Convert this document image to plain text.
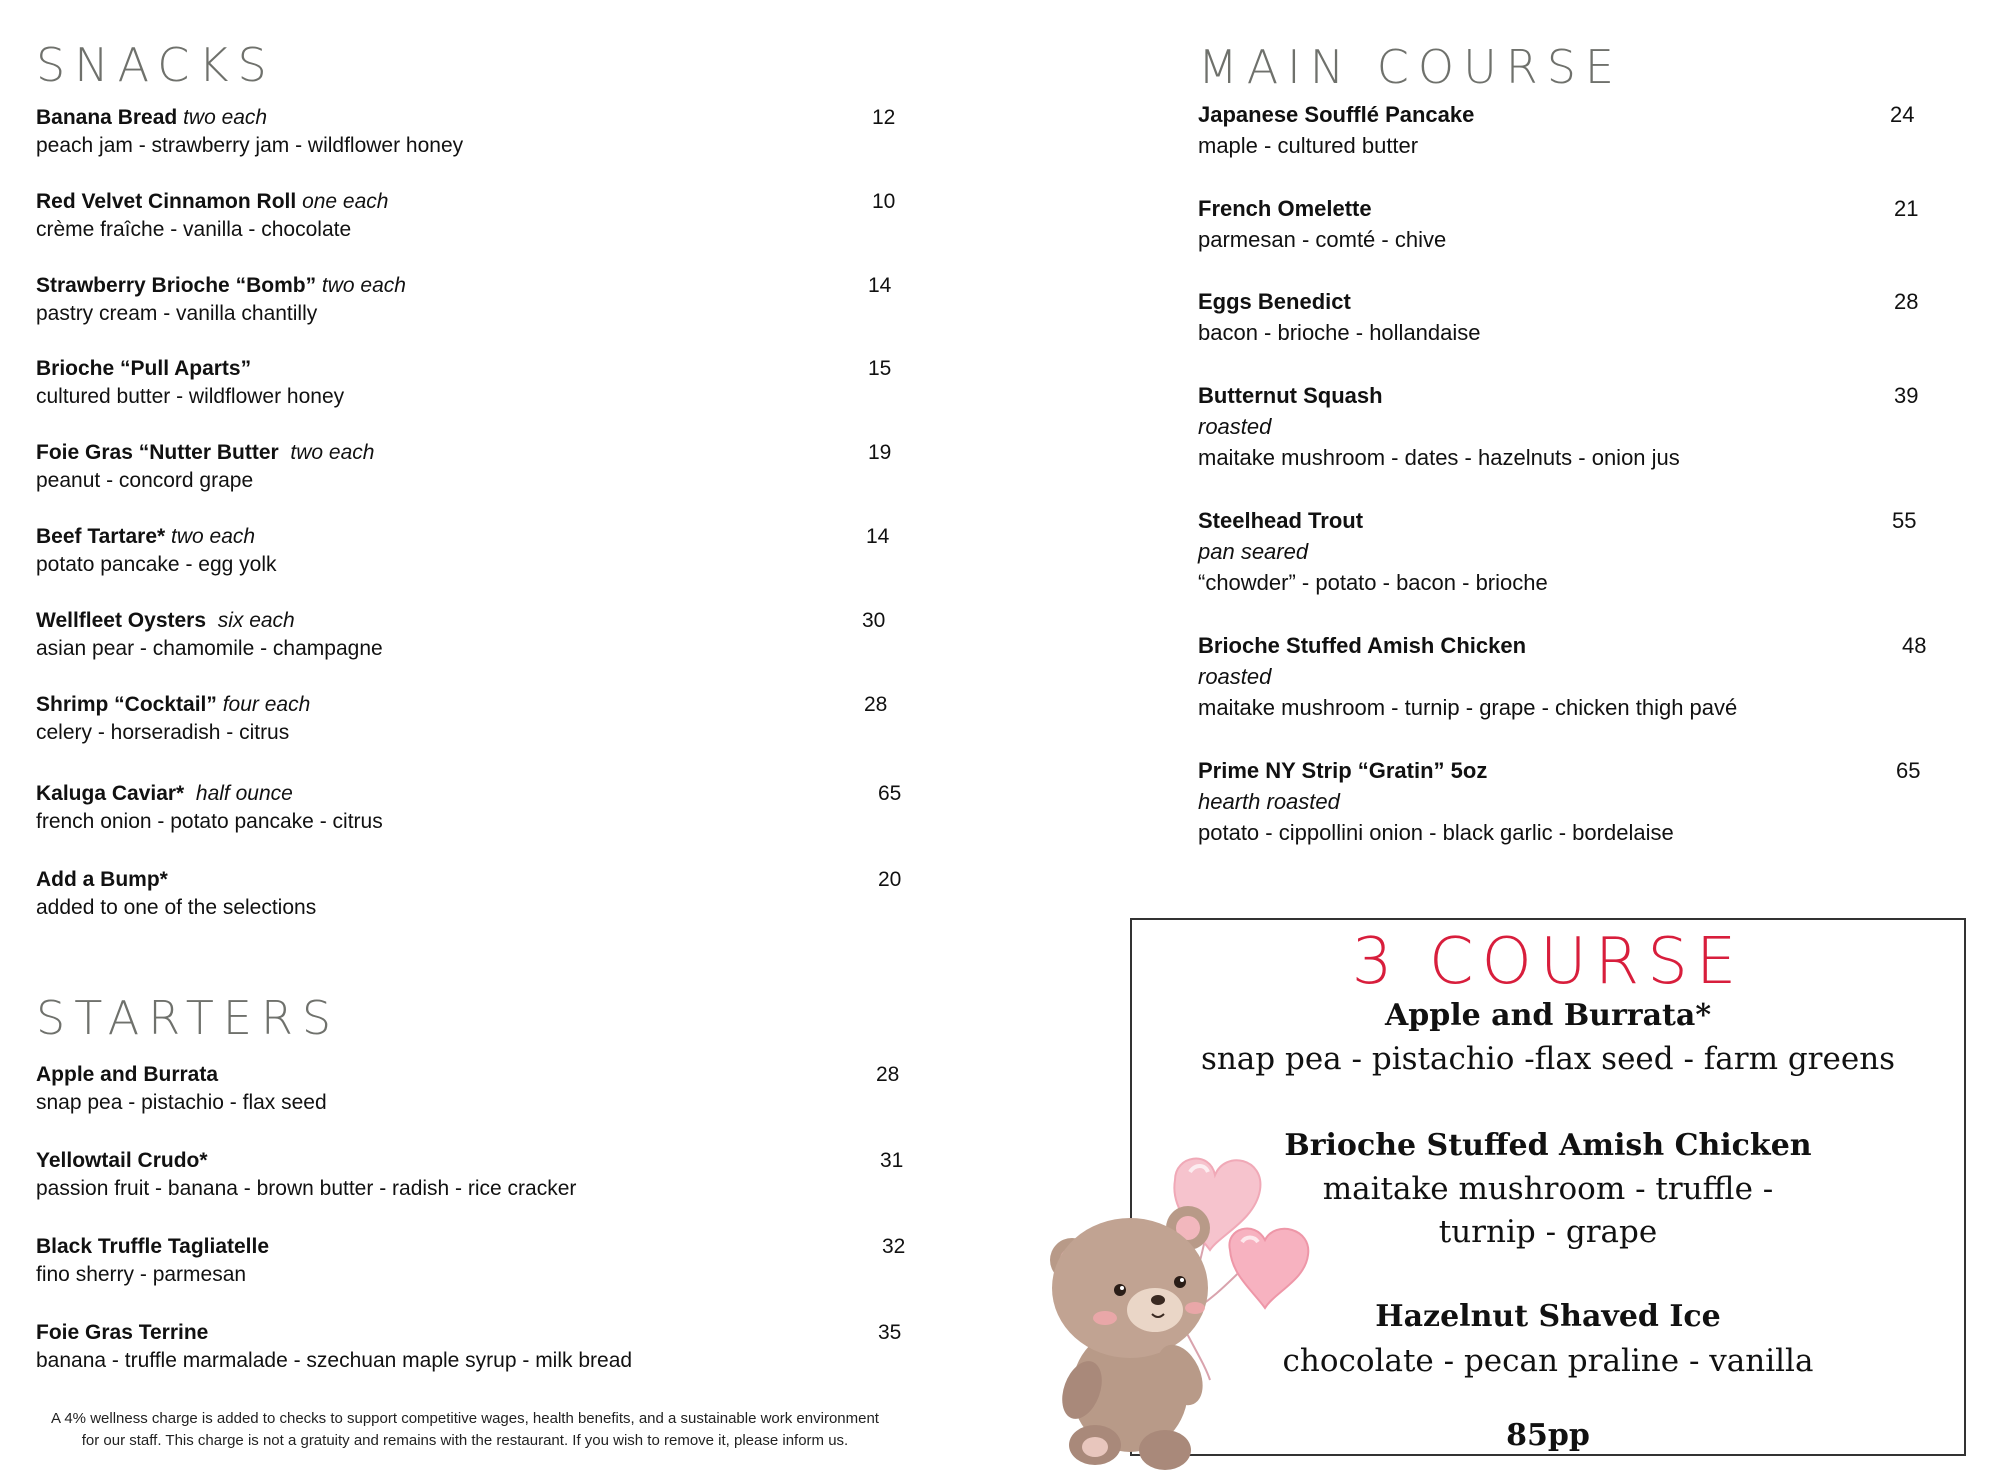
SNACKS
Banana Bread two each
peach jam - strawberry jam - wildflower honey
12
Red Velvet Cinnamon Roll one each
crème fraîche - vanilla - chocolate
10
Strawberry Brioche “Bomb” two each
pastry cream - vanilla chantilly
14
Brioche “Pull Aparts”
cultured butter - wildflower honey
15
Foie Gras “Nutter Butter two each
peanut - concord grape
19
Beef Tartare* two each
potato pancake - egg yolk
14
Wellfleet Oysters six each
asian pear - chamomile - champagne
30
Shrimp “Cocktail” four each
celery - horseradish - citrus
28
Kaluga Caviar* half ounce
french onion - potato pancake - citrus
65
Add a Bump*
added to one of the selections
20
STARTERS
Apple and Burrata
snap pea - pistachio - flax seed
28
Yellowtail Crudo*
passion fruit - banana - brown butter - radish - rice cracker
31
Black Truffle Tagliatelle
fino sherry - parmesan
32
Foie Gras Terrine
banana - truffle marmalade - szechuan maple syrup - milk bread
35

A 4% wellness charge is added to checks to support competitive wages, health benefits, and a sustainable work environment for our staff. This charge is not a gratuity and remains with the restaurant. If you wish to remove it, please inform us.

MAIN COURSE
Japanese Soufflé Pancake
maple - cultured butter
24
French Omelette
parmesan - comté - chive
21
Eggs Benedict
bacon - brioche - hollandaise
28
Butternut Squash
roasted
maitake mushroom - dates - hazelnuts - onion jus
39
Steelhead Trout
pan seared
“chowder” - potato - bacon - brioche
55
Brioche Stuffed Amish Chicken
roasted
maitake mushroom - turnip - grape - chicken thigh pavé
48
Prime NY Strip “Gratin” 5oz
hearth roasted
potato - cippollini onion - black garlic - bordelaise
65
3 COURSE
Apple and Burrata*
snap pea - pistachio -flax seed - farm greens
Brioche Stuffed Amish Chicken
maitake mushroom - truffle -
turnip - grape
Hazelnut Shaved Ice
chocolate - pecan praline - vanilla
85pp
